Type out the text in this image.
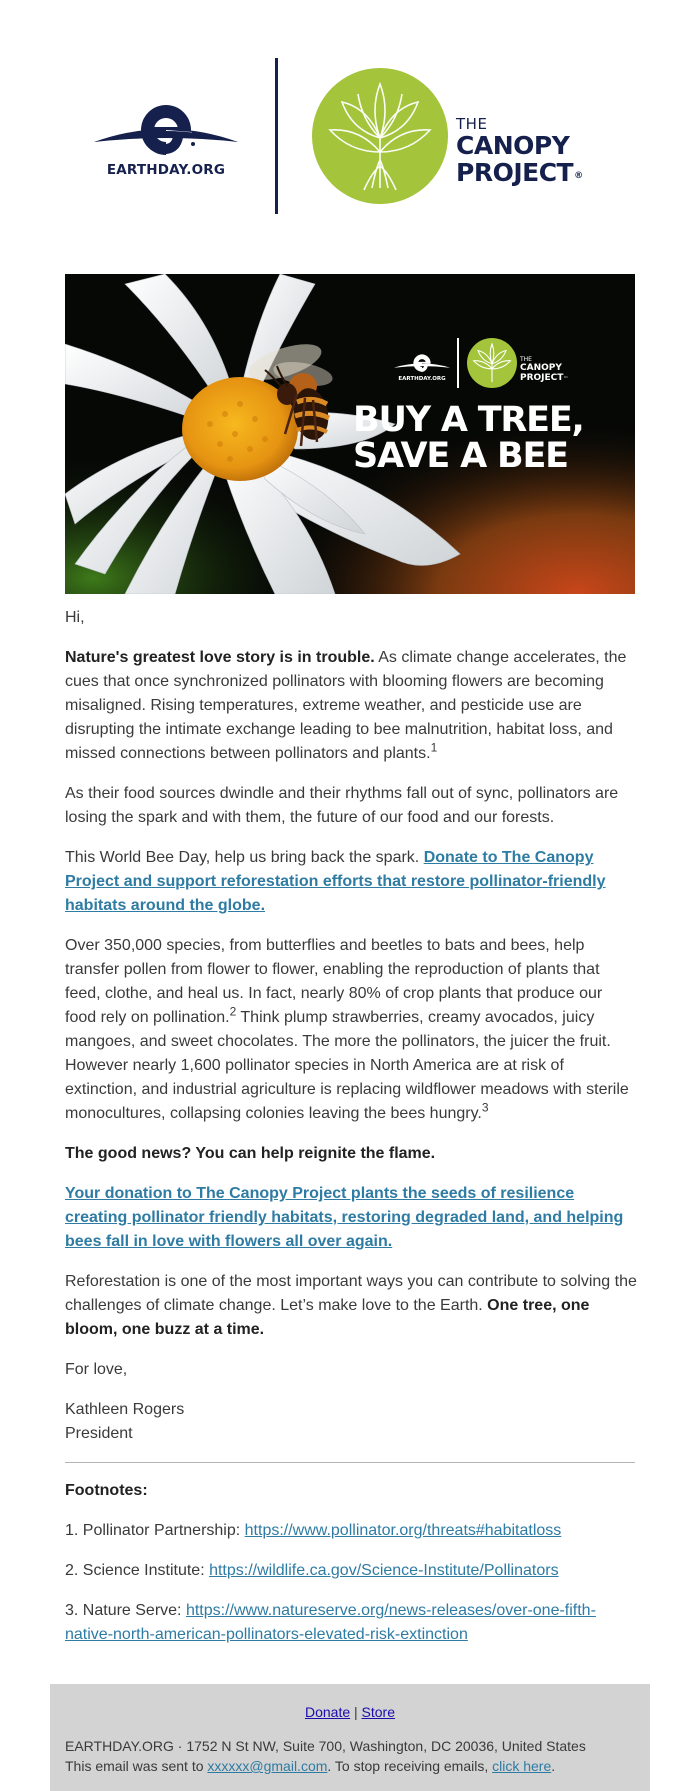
EARTHDAY.ORG
THE
CANOPY
PROJECT®
EARTHDAY.ORG
THE
CANOPY
PROJECT™
BUY A TREE,
SAVE A BEE

Hi,

Nature's greatest love story is in trouble. As climate change accelerates, the cues that once synchronized pollinators with blooming flowers are becoming misaligned. Rising temperatures, extreme weather, and pesticide use are disrupting the intimate exchange leading to bee malnutrition, habitat loss, and missed connections between pollinators and plants.$^1$

As their food sources dwindle and their rhythms fall out of sync, pollinators are losing the spark and with them, the future of our food and our forests.

This World Bee Day, help us bring back the spark. Donate to The Canopy Project and support reforestation efforts that restore pollinator-friendly habitats around the globe.

Over 350,000 species, from butterflies and beetles to bats and bees, help transfer pollen from flower to flower, enabling the reproduction of plants that feed, clothe, and heal us. In fact, nearly 80% of crop plants that produce our food rely on pollination.$^2$ Think plump strawberries, creamy avocados, juicy mangoes, and sweet chocolates. The more the pollinators, the juicer the fruit. However nearly 1,600 pollinator species in North America are at risk of extinction, and industrial agriculture is replacing wildflower meadows with sterile monocultures, collapsing colonies leaving the bees hungry.$^3$

The good news? You can help reignite the flame.

Your donation to The Canopy Project plants the seeds of resilience creating pollinator friendly habitats, restoring degraded land, and helping bees fall in love with flowers all over again.

Reforestation is one of the most important ways you can contribute to solving the challenges of climate change. Let’s make love to the Earth. One tree, one bloom, one buzz at a time.

For love,

Kathleen Rogers
President

Footnotes:

1. Pollinator Partnership: https://www.pollinator.org/threats#habitatloss

2. Science Institute: https://wildlife.ca.gov/Science-Institute/Pollinators

3. Nature Serve: https://www.natureserve.org/news-releases/over-one-fifth-native-north-american-pollinators-elevated-risk-extinction

Donate | Store
EARTHDAY.ORG · 1752 N St NW, Suite 700, Washington, DC 20036, United States
This email was sent to xxxxxx@gmail.com. To stop receiving emails, click here.
